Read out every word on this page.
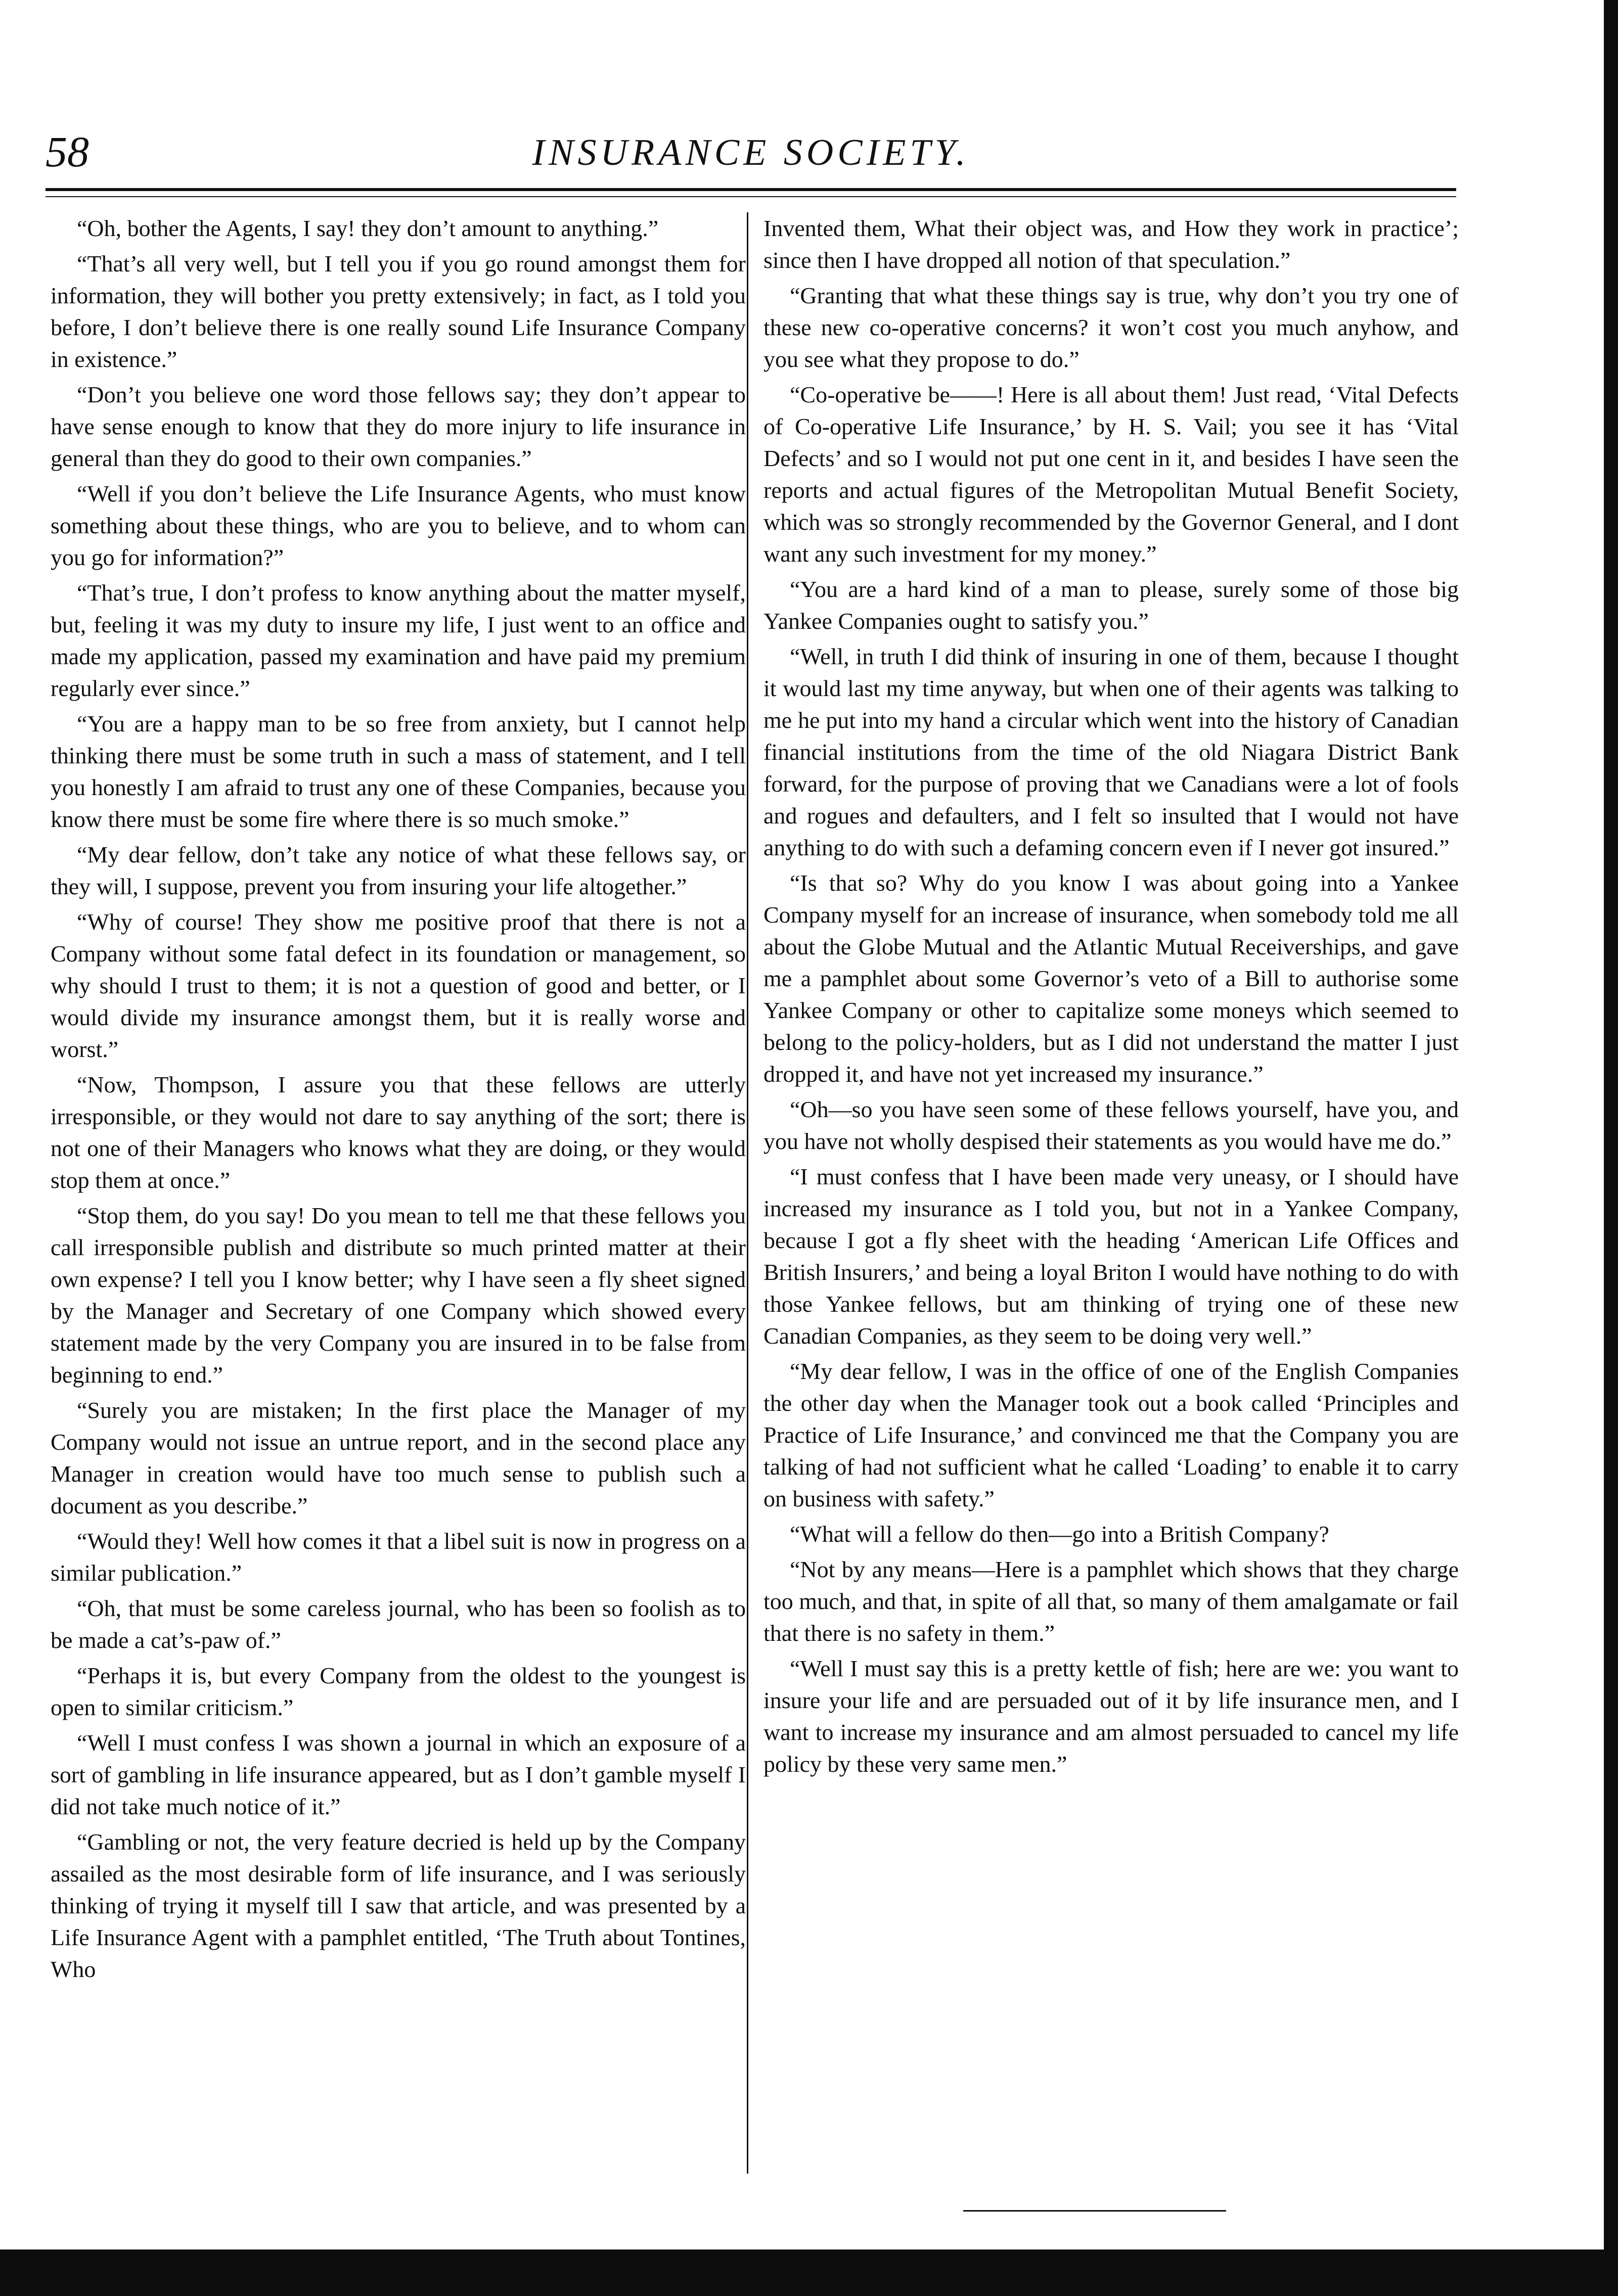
58	INSURANCE SOCIETY.

“Oh, bother the Agents, I say! they don’t amount to anything.”

“That’s all very well, but I tell you if you go round amongst them for information, they will bother you pretty extensively; in fact, as I told you before, I don’t believe there is one really sound Life Insurance Company in existence.”

“Don’t you believe one word those fellows say; they don’t appear to have sense enough to know that they do more injury to life insurance in general than they do good to their own companies.”

“Well if you don’t believe the Life Insurance Agents, who must know something about these things, who are you to believe, and to whom can you go for information?”

“That’s true, I don’t profess to know anything about the matter myself, but, feeling it was my duty to insure my life, I just went to an office and made my application, passed my examination and have paid my premium regularly ever since.”

“You are a happy man to be so free from anxiety, but I cannot help thinking there must be some truth in such a mass of statement, and I tell you honestly I am afraid to trust any one of these Companies, because you know there must be some fire where there is so much smoke.”

“My dear fellow, don’t take any notice of what these fellows say, or they will, I suppose, prevent you from insuring your life altogether.”

“Why of course! They show me positive proof that there is not a Company without some fatal defect in its foundation or management, so why should I trust to them; it is not a question of good and better, or I would divide my insurance amongst them, but it is really worse and worst.”

“Now, Thompson, I assure you that these fellows are utterly irresponsible, or they would not dare to say anything of the sort; there is not one of their Managers who knows what they are doing, or they would stop them at once.”

“Stop them, do you say! Do you mean to tell me that these fellows you call irresponsible publish and distribute so much printed matter at their own expense? I tell you I know better; why I have seen a fly sheet signed by the Manager and Secretary of one Company which showed every statement made by the very Company you are insured in to be false from beginning to end.”

“Surely you are mistaken; In the first place the Manager of my Company would not issue an untrue report, and in the second place any Manager in creation would have too much sense to publish such a document as you describe.”

“Would they! Well how comes it that a libel suit is now in progress on a similar publication.”

“Oh, that must be some careless journal, who has been so foolish as to be made a cat’s-paw of.”

“Perhaps it is, but every Company from the oldest to the youngest is open to similar criticism.”

“Well I must confess I was shown a journal in which an exposure of a sort of gambling in life insurance appeared, but as I don’t gamble myself I did not take much notice of it.”

“Gambling or not, the very feature decried is held up by the Company assailed as the most desirable form of life insurance, and I was seriously thinking of trying it myself till I saw that article, and was presented by a Life Insurance Agent with a pamphlet entitled, ‘The Truth about Tontines, Who

Invented them, What their object was, and How they work in practice’; since then I have dropped all notion of that speculation.”

“Granting that what these things say is true, why don’t you try one of these new co-operative concerns? it won’t cost you much anyhow, and you see what they propose to do.”

“Co-operative be——! Here is all about them! Just read, ‘Vital Defects of Co-operative Life Insurance,’ by H. S. Vail; you see it has ‘Vital Defects’ and so I would not put one cent in it, and besides I have seen the reports and actual figures of the Metropolitan Mutual Benefit Society, which was so strongly recommended by the Governor General, and I dont want any such investment for my money.”

“You are a hard kind of a man to please, surely some of those big Yankee Companies ought to satisfy you.”

“Well, in truth I did think of insuring in one of them, because I thought it would last my time anyway, but when one of their agents was talking to me he put into my hand a circular which went into the history of Canadian financial institutions from the time of the old Niagara District Bank forward, for the purpose of proving that we Canadians were a lot of fools and rogues and defaulters, and I felt so insulted that I would not have anything to do with such a defaming concern even if I never got insured.”

“Is that so? Why do you know I was about going into a Yankee Company myself for an increase of insurance, when somebody told me all about the Globe Mutual and the Atlantic Mutual Receiverships, and gave me a pamphlet about some Governor’s veto of a Bill to authorise some Yankee Company or other to capitalize some moneys which seemed to belong to the policy-holders, but as I did not understand the matter I just dropped it, and have not yet increased my insurance.”

“Oh—so you have seen some of these fellows yourself, have you, and you have not wholly despised their statements as you would have me do.”

“I must confess that I have been made very uneasy, or I should have increased my insurance as I told you, but not in a Yankee Company, because I got a fly sheet with the heading ‘American Life Offices and British Insurers,’ and being a loyal Briton I would have nothing to do with those Yankee fellows, but am thinking of trying one of these new Canadian Companies, as they seem to be doing very well.”

“My dear fellow, I was in the office of one of the English Companies the other day when the Manager took out a book called ‘Principles and Practice of Life Insurance,’ and convinced me that the Company you are talking of had not sufficient what he called ‘Loading’ to enable it to carry on business with safety.”

“What will a fellow do then—go into a British Company?

“Not by any means—Here is a pamphlet which shows that they charge too much, and that, in spite of all that, so many of them amalgamate or fail that there is no safety in them.”

“Well I must say this is a pretty kettle of fish; here are we: you want to insure your life and are persuaded out of it by life insurance men, and I want to increase my insurance and am almost persuaded to cancel my life policy by these very same men.”
